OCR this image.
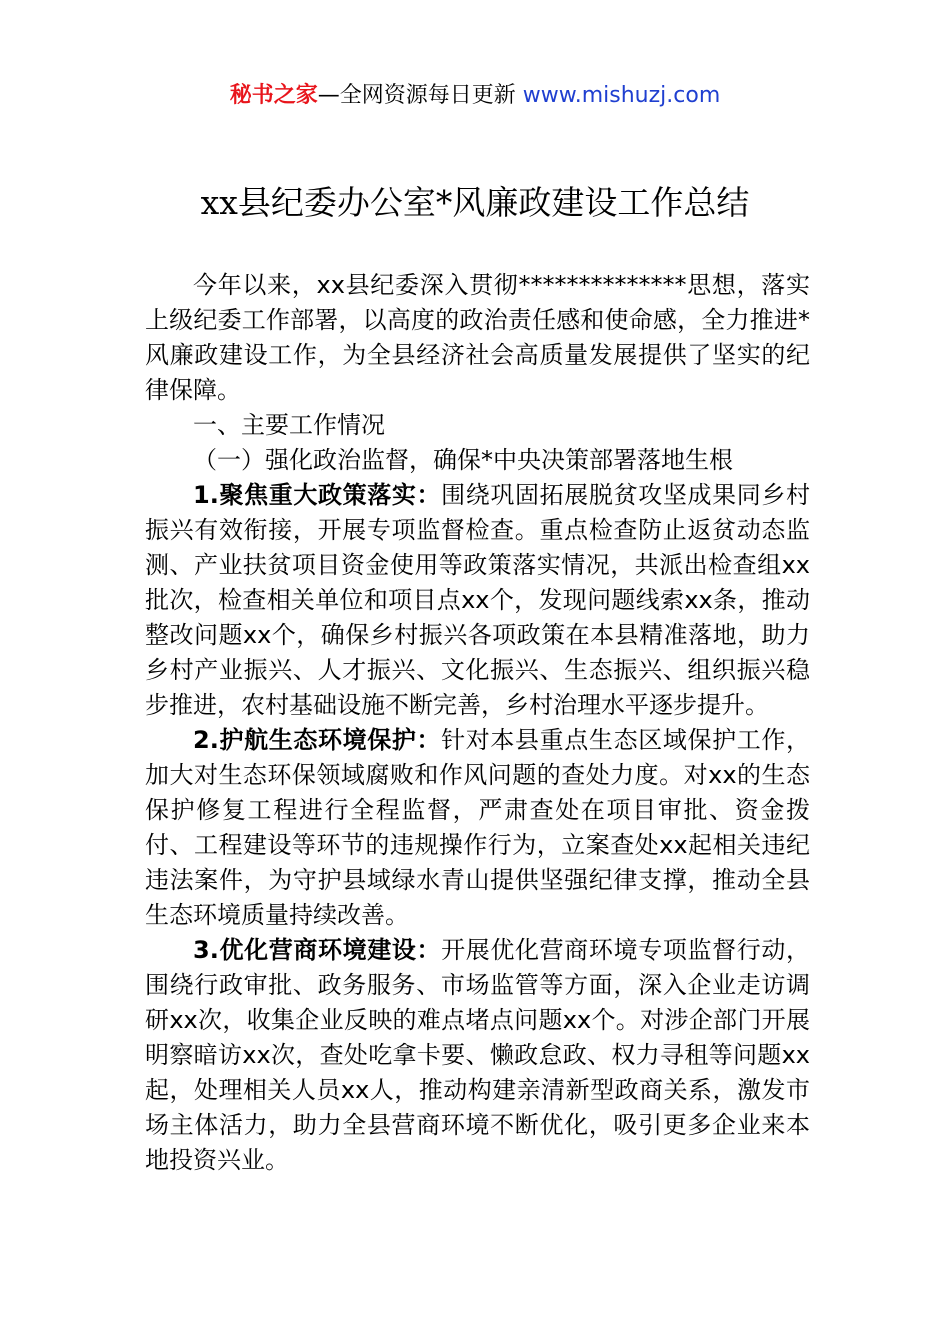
秘书之家—全网资源每日更新 www.mishuzj.com
xx县纪委办公室*风廉政建设工作总结

今年以来，xx县纪委深入贯彻**************思想，落实上级纪委工作部署，以高度的政治责任感和使命感，全力推进*风廉政建设工作，为全县经济社会高质量发展提供了坚实的纪律保障。

一、主要工作情况

（一）强化政治监督，确保*中央决策部署落地生根

1.聚焦重大政策落实：围绕巩固拓展脱贫攻坚成果同乡村振兴有效衔接，开展专项监督检查。重点检查防止返贫动态监测、产业扶贫项目资金使用等政策落实情况，共派出检查组xx批次，检查相关单位和项目点xx个，发现问题线索xx条，推动整改问题xx个，确保乡村振兴各项政策在本县精准落地，助力乡村产业振兴、人才振兴、文化振兴、生态振兴、组织振兴稳步推进，农村基础设施不断完善，乡村治理水平逐步提升。

2.护航生态环境保护：针对本县重点生态区域保护工作，加大对生态环保领域腐败和作风问题的查处力度。对xx的生态保护修复工程进行全程监督，严肃查处在项目审批、资金拨付、工程建设等环节的违规操作行为，立案查处xx起相关违纪违法案件，为守护县域绿水青山提供坚强纪律支撑，推动全县生态环境质量持续改善。

3.优化营商环境建设：开展优化营商环境专项监督行动，围绕行政审批、政务服务、市场监管等方面，深入企业走访调研xx次，收集企业反映的难点堵点问题xx个。对涉企部门开展明察暗访xx次，查处吃拿卡要、懒政怠政、权力寻租等问题xx起，处理相关人员xx人，推动构建亲清新型政商关系，激发市场主体活力，助力全县营商环境不断优化，吸引更多企业来本地投资兴业。
